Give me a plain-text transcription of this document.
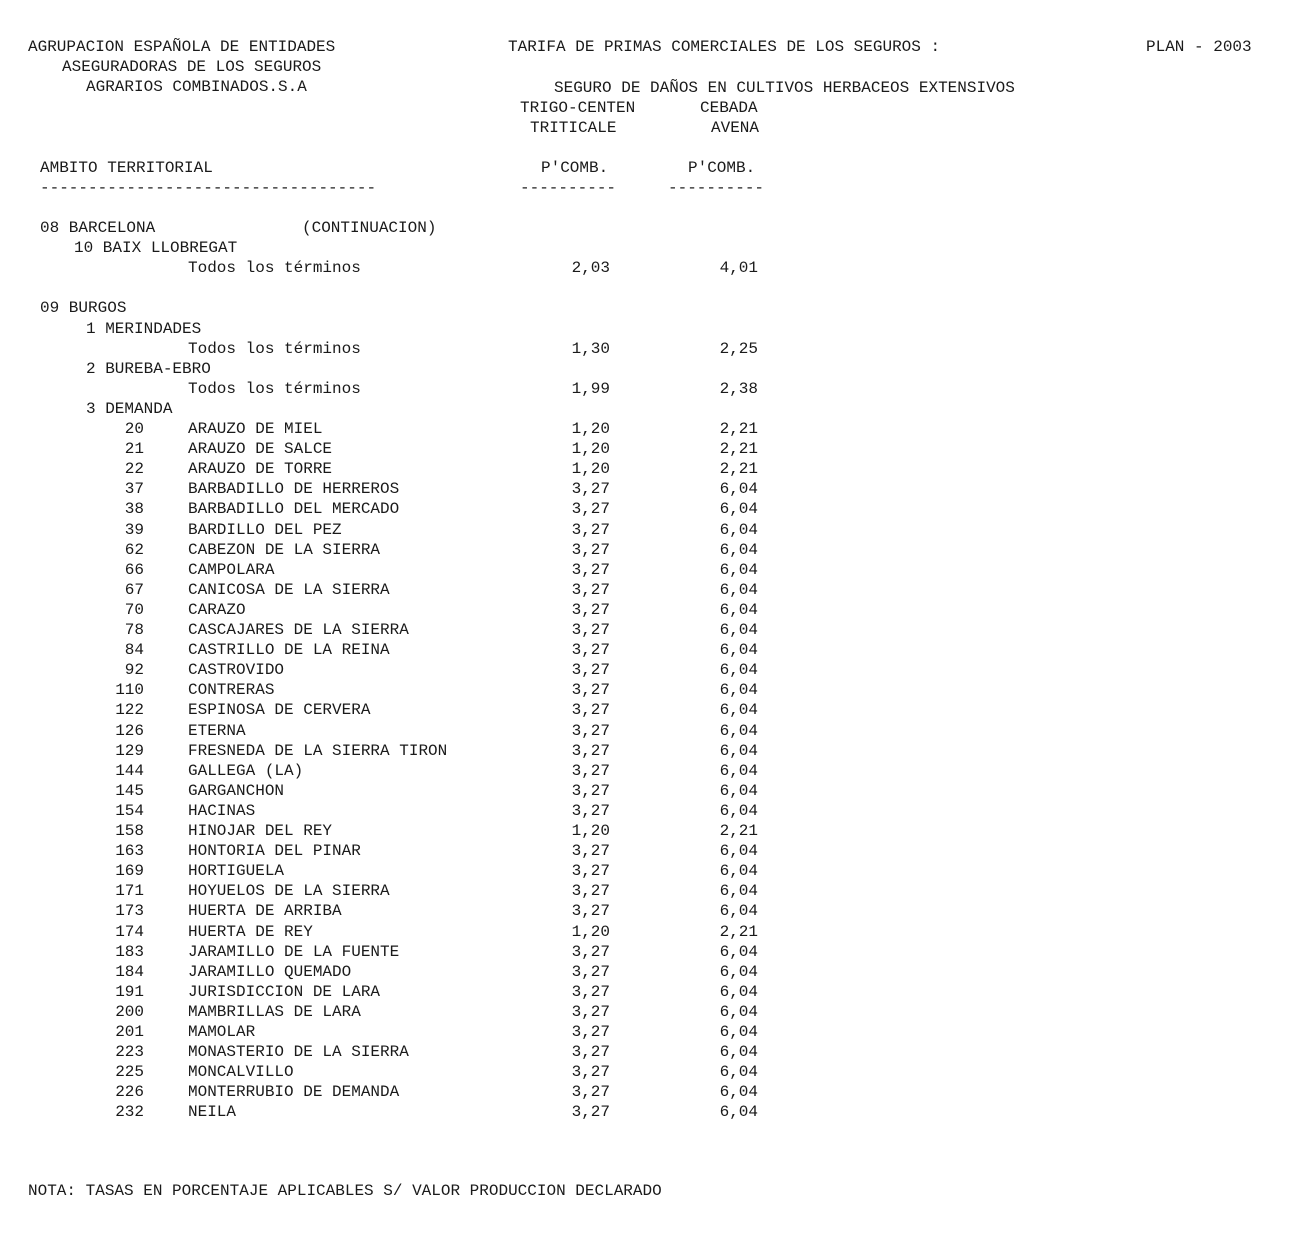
AGRUPACION ESPAÑOLA DE ENTIDADES
ASEGURADORAS DE LOS SEGUROS
AGRARIOS COMBINADOS.S.A
TARIFA DE PRIMAS COMERCIALES DE LOS SEGUROS :	PLAN - 2003
SEGURO DE DAÑOS EN CULTIVOS HERBACEOS EXTENSIVOS
TRIGO-CENTEN
TRITICALE
CEBADA
AVENA
AMBITO TERRITORIAL	P'COMB.	P'COMB.
-----------------------------------	----------	----------
08 BARCELONA	(CONTINUACION)
10 BAIX LLOBREGAT
Todos los términos	2,03	4,01
09 BURGOS
1 MERINDADES
Todos los términos	1,30	2,25
2 BUREBA-EBRO
Todos los términos	1,99	2,38
3 DEMANDA
20	ARAUZO DE MIEL	1,20	2,21
21	ARAUZO DE SALCE	1,20	2,21
22	ARAUZO DE TORRE	1,20	2,21
37	BARBADILLO DE HERREROS	3,27	6,04
38	BARBADILLO DEL MERCADO	3,27	6,04
39	BARDILLO DEL PEZ	3,27	6,04
62	CABEZON DE LA SIERRA	3,27	6,04
66	CAMPOLARA	3,27	6,04
67	CANICOSA DE LA SIERRA	3,27	6,04
70	CARAZO	3,27	6,04
78	CASCAJARES DE LA SIERRA	3,27	6,04
84	CASTRILLO DE LA REINA	3,27	6,04
92	CASTROVIDO	3,27	6,04
110	CONTRERAS	3,27	6,04
122	ESPINOSA DE CERVERA	3,27	6,04
126	ETERNA	3,27	6,04
129	FRESNEDA DE LA SIERRA TIRON	3,27	6,04
144	GALLEGA (LA)	3,27	6,04
145	GARGANCHON	3,27	6,04
154	HACINAS	3,27	6,04
158	HINOJAR DEL REY	1,20	2,21
163	HONTORIA DEL PINAR	3,27	6,04
169	HORTIGUELA	3,27	6,04
171	HOYUELOS DE LA SIERRA	3,27	6,04
173	HUERTA DE ARRIBA	3,27	6,04
174	HUERTA DE REY	1,20	2,21
183	JARAMILLO DE LA FUENTE	3,27	6,04
184	JARAMILLO QUEMADO	3,27	6,04
191	JURISDICCION DE LARA	3,27	6,04
200	MAMBRILLAS DE LARA	3,27	6,04
201	MAMOLAR	3,27	6,04
223	MONASTERIO DE LA SIERRA	3,27	6,04
225	MONCALVILLO	3,27	6,04
226	MONTERRUBIO DE DEMANDA	3,27	6,04
232	NEILA	3,27	6,04
NOTA: TASAS EN PORCENTAJE APLICABLES S/ VALOR PRODUCCION DECLARADO
